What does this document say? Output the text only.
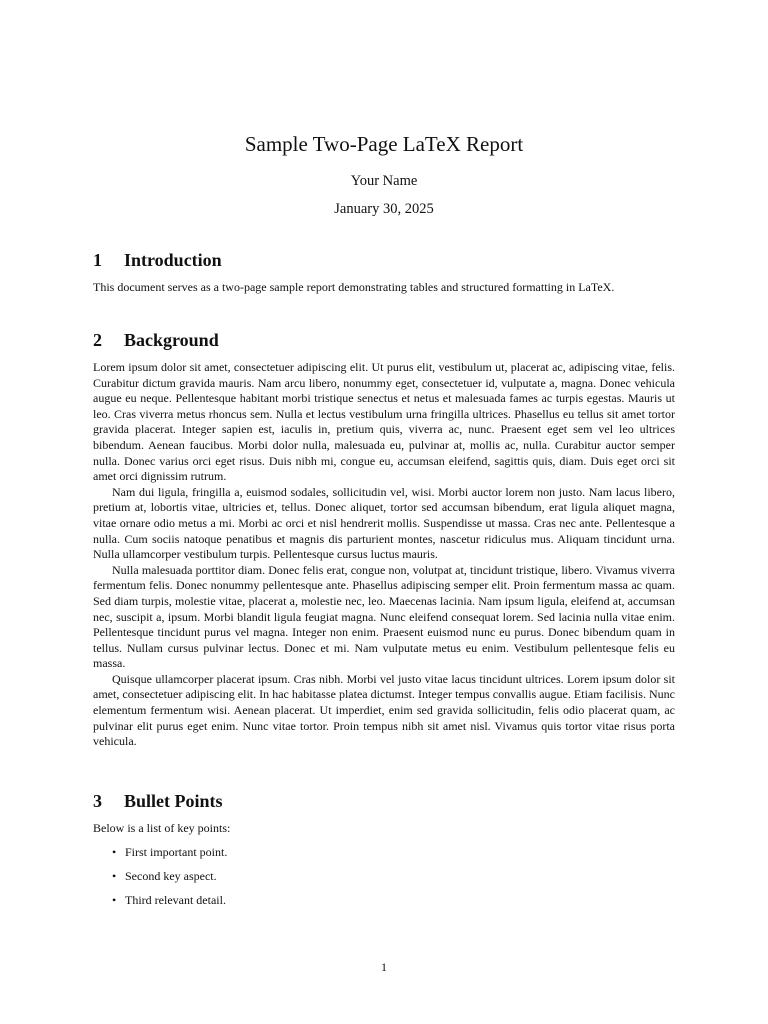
Sample Two-Page LaTeX Report
Your Name
January 30, 2025
1 Introduction

This document serves as a two-page sample report demonstrating tables and structured formatting in LaTeX.

2 Background

Lorem ipsum dolor sit amet, consectetuer adipiscing elit. Ut purus elit, vestibulum ut, placerat ac, adipiscing vitae, felis. Curabitur dictum gravida mauris. Nam arcu libero, nonummy eget, consectetuer id, vulputate a, magna. Donec vehicula augue eu neque. Pellentesque habitant morbi tristique senectus et netus et malesuada fames ac turpis egestas. Mauris ut leo. Cras viverra metus rhoncus sem. Nulla et lectus vestibulum urna fringilla ultrices. Phasellus eu tellus sit amet tortor gravida placerat. Integer sapien est, iaculis in, pretium quis, viverra ac, nunc. Praesent eget sem vel leo ultrices bibendum. Aenean faucibus. Morbi dolor nulla, malesuada eu, pulvinar at, mollis ac, nulla. Curabitur auctor semper nulla. Donec varius orci eget risus. Duis nibh mi, congue eu, accumsan eleifend, sagittis quis, diam. Duis eget orci sit amet orci dignissim rutrum.

Nam dui ligula, fringilla a, euismod sodales, sollicitudin vel, wisi. Morbi auctor lorem non justo. Nam lacus libero, pretium at, lobortis vitae, ultricies et, tellus. Donec aliquet, tortor sed accumsan bibendum, erat ligula aliquet magna, vitae ornare odio metus a mi. Morbi ac orci et nisl hendrerit mollis. Suspendisse ut massa. Cras nec ante. Pellentesque a nulla. Cum sociis natoque penatibus et magnis dis parturient montes, nascetur ridiculus mus. Aliquam tincidunt urna. Nulla ullamcorper vestibulum turpis. Pellentesque cursus luctus mauris.

Nulla malesuada porttitor diam. Donec felis erat, congue non, volutpat at, tincidunt tristique, libero. Vivamus viverra fermentum felis. Donec nonummy pellentesque ante. Phasellus adipiscing semper elit. Proin fermentum massa ac quam. Sed diam turpis, molestie vitae, placerat a, molestie nec, leo. Maecenas lacinia. Nam ipsum ligula, eleifend at, accumsan nec, suscipit a, ipsum. Morbi blandit ligula feugiat magna. Nunc eleifend consequat lorem. Sed lacinia nulla vitae enim. Pellentesque tincidunt purus vel magna. Integer non enim. Praesent euismod nunc eu purus. Donec bibendum quam in tellus. Nullam cursus pulvinar lectus. Donec et mi. Nam vulputate metus eu enim. Vestibulum pellentesque felis eu massa.

Quisque ullamcorper placerat ipsum. Cras nibh. Morbi vel justo vitae lacus tincidunt ultrices. Lorem ipsum dolor sit amet, consectetuer adipiscing elit. In hac habitasse platea dictumst. Integer tempus convallis augue. Etiam facilisis. Nunc elementum fermentum wisi. Aenean placerat. Ut imperdiet, enim sed gravida sollicitudin, felis odio placerat quam, ac pulvinar elit purus eget enim. Nunc vitae tortor. Proin tempus nibh sit amet nisl. Vivamus quis tortor vitae risus porta vehicula.

3 Bullet Points

Below is a list of key points:

• First important point.
• Second key aspect.
• Third relevant detail.
1
